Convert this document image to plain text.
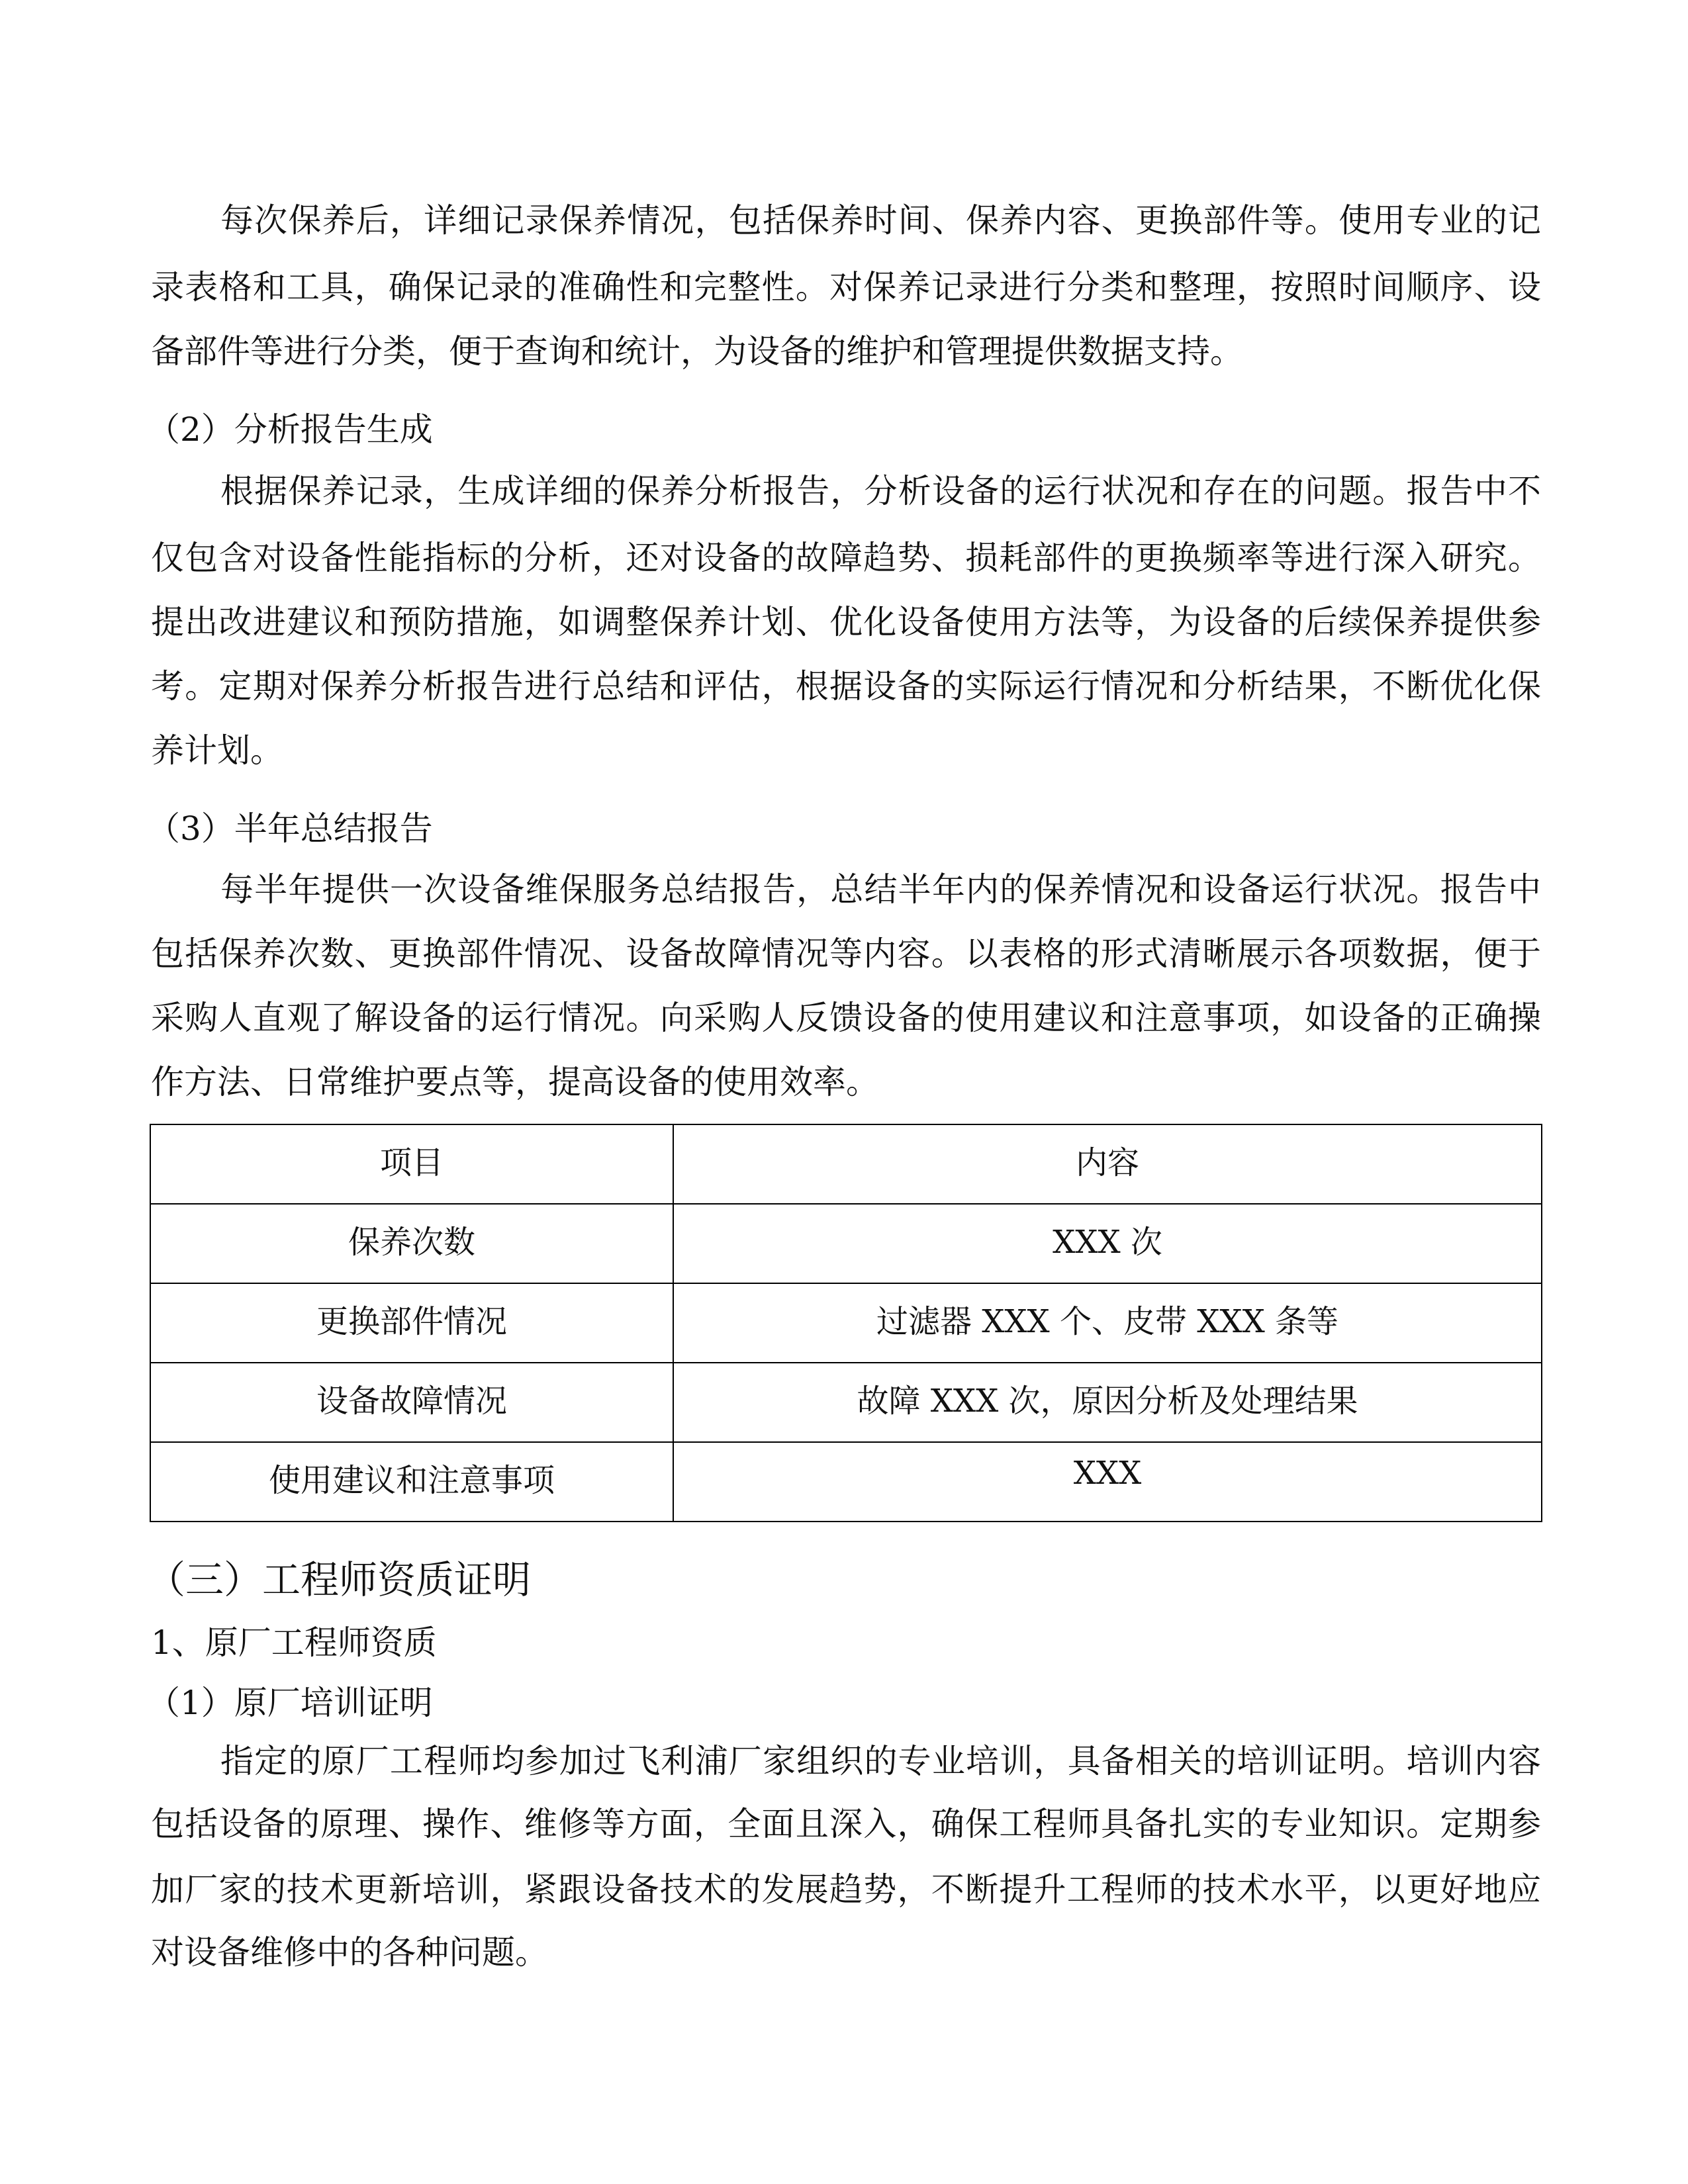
每次保养后，详细记录保养情况，包括保养时间、保养内容、更换部件等。使用专业的记
录表格和工具，确保记录的准确性和完整性。对保养记录进行分类和整理，按照时间顺序、设
备部件等进行分类，便于查询和统计，为设备的维护和管理提供数据支持。
（2）分析报告生成
根据保养记录，生成详细的保养分析报告，分析设备的运行状况和存在的问题。报告中不
仅包含对设备性能指标的分析，还对设备的故障趋势、损耗部件的更换频率等进行深入研究。
提出改进建议和预防措施，如调整保养计划、优化设备使用方法等，为设备的后续保养提供参
考。定期对保养分析报告进行总结和评估，根据设备的实际运行情况和分析结果，不断优化保
养计划。
（3）半年总结报告
每半年提供一次设备维保服务总结报告，总结半年内的保养情况和设备运行状况。报告中
包括保养次数、更换部件情况、设备故障情况等内容。以表格的形式清晰展示各项数据，便于
采购人直观了解设备的运行情况。向采购人反馈设备的使用建议和注意事项，如设备的正确操
作方法、日常维护要点等，提高设备的使用效率。
项目	内容
保养次数	XXX 次
更换部件情况	过滤器 XXX 个、皮带 XXX 条等
设备故障情况	故障 XXX 次，原因分析及处理结果
使用建议和注意事项	XXX
（三）工程师资质证明
1、原厂工程师资质
（1）原厂培训证明
指定的原厂工程师均参加过飞利浦厂家组织的专业培训，具备相关的培训证明。培训内容
包括设备的原理、操作、维修等方面，全面且深入，确保工程师具备扎实的专业知识。定期参
加厂家的技术更新培训，紧跟设备技术的发展趋势，不断提升工程师的技术水平，以更好地应
对设备维修中的各种问题。
